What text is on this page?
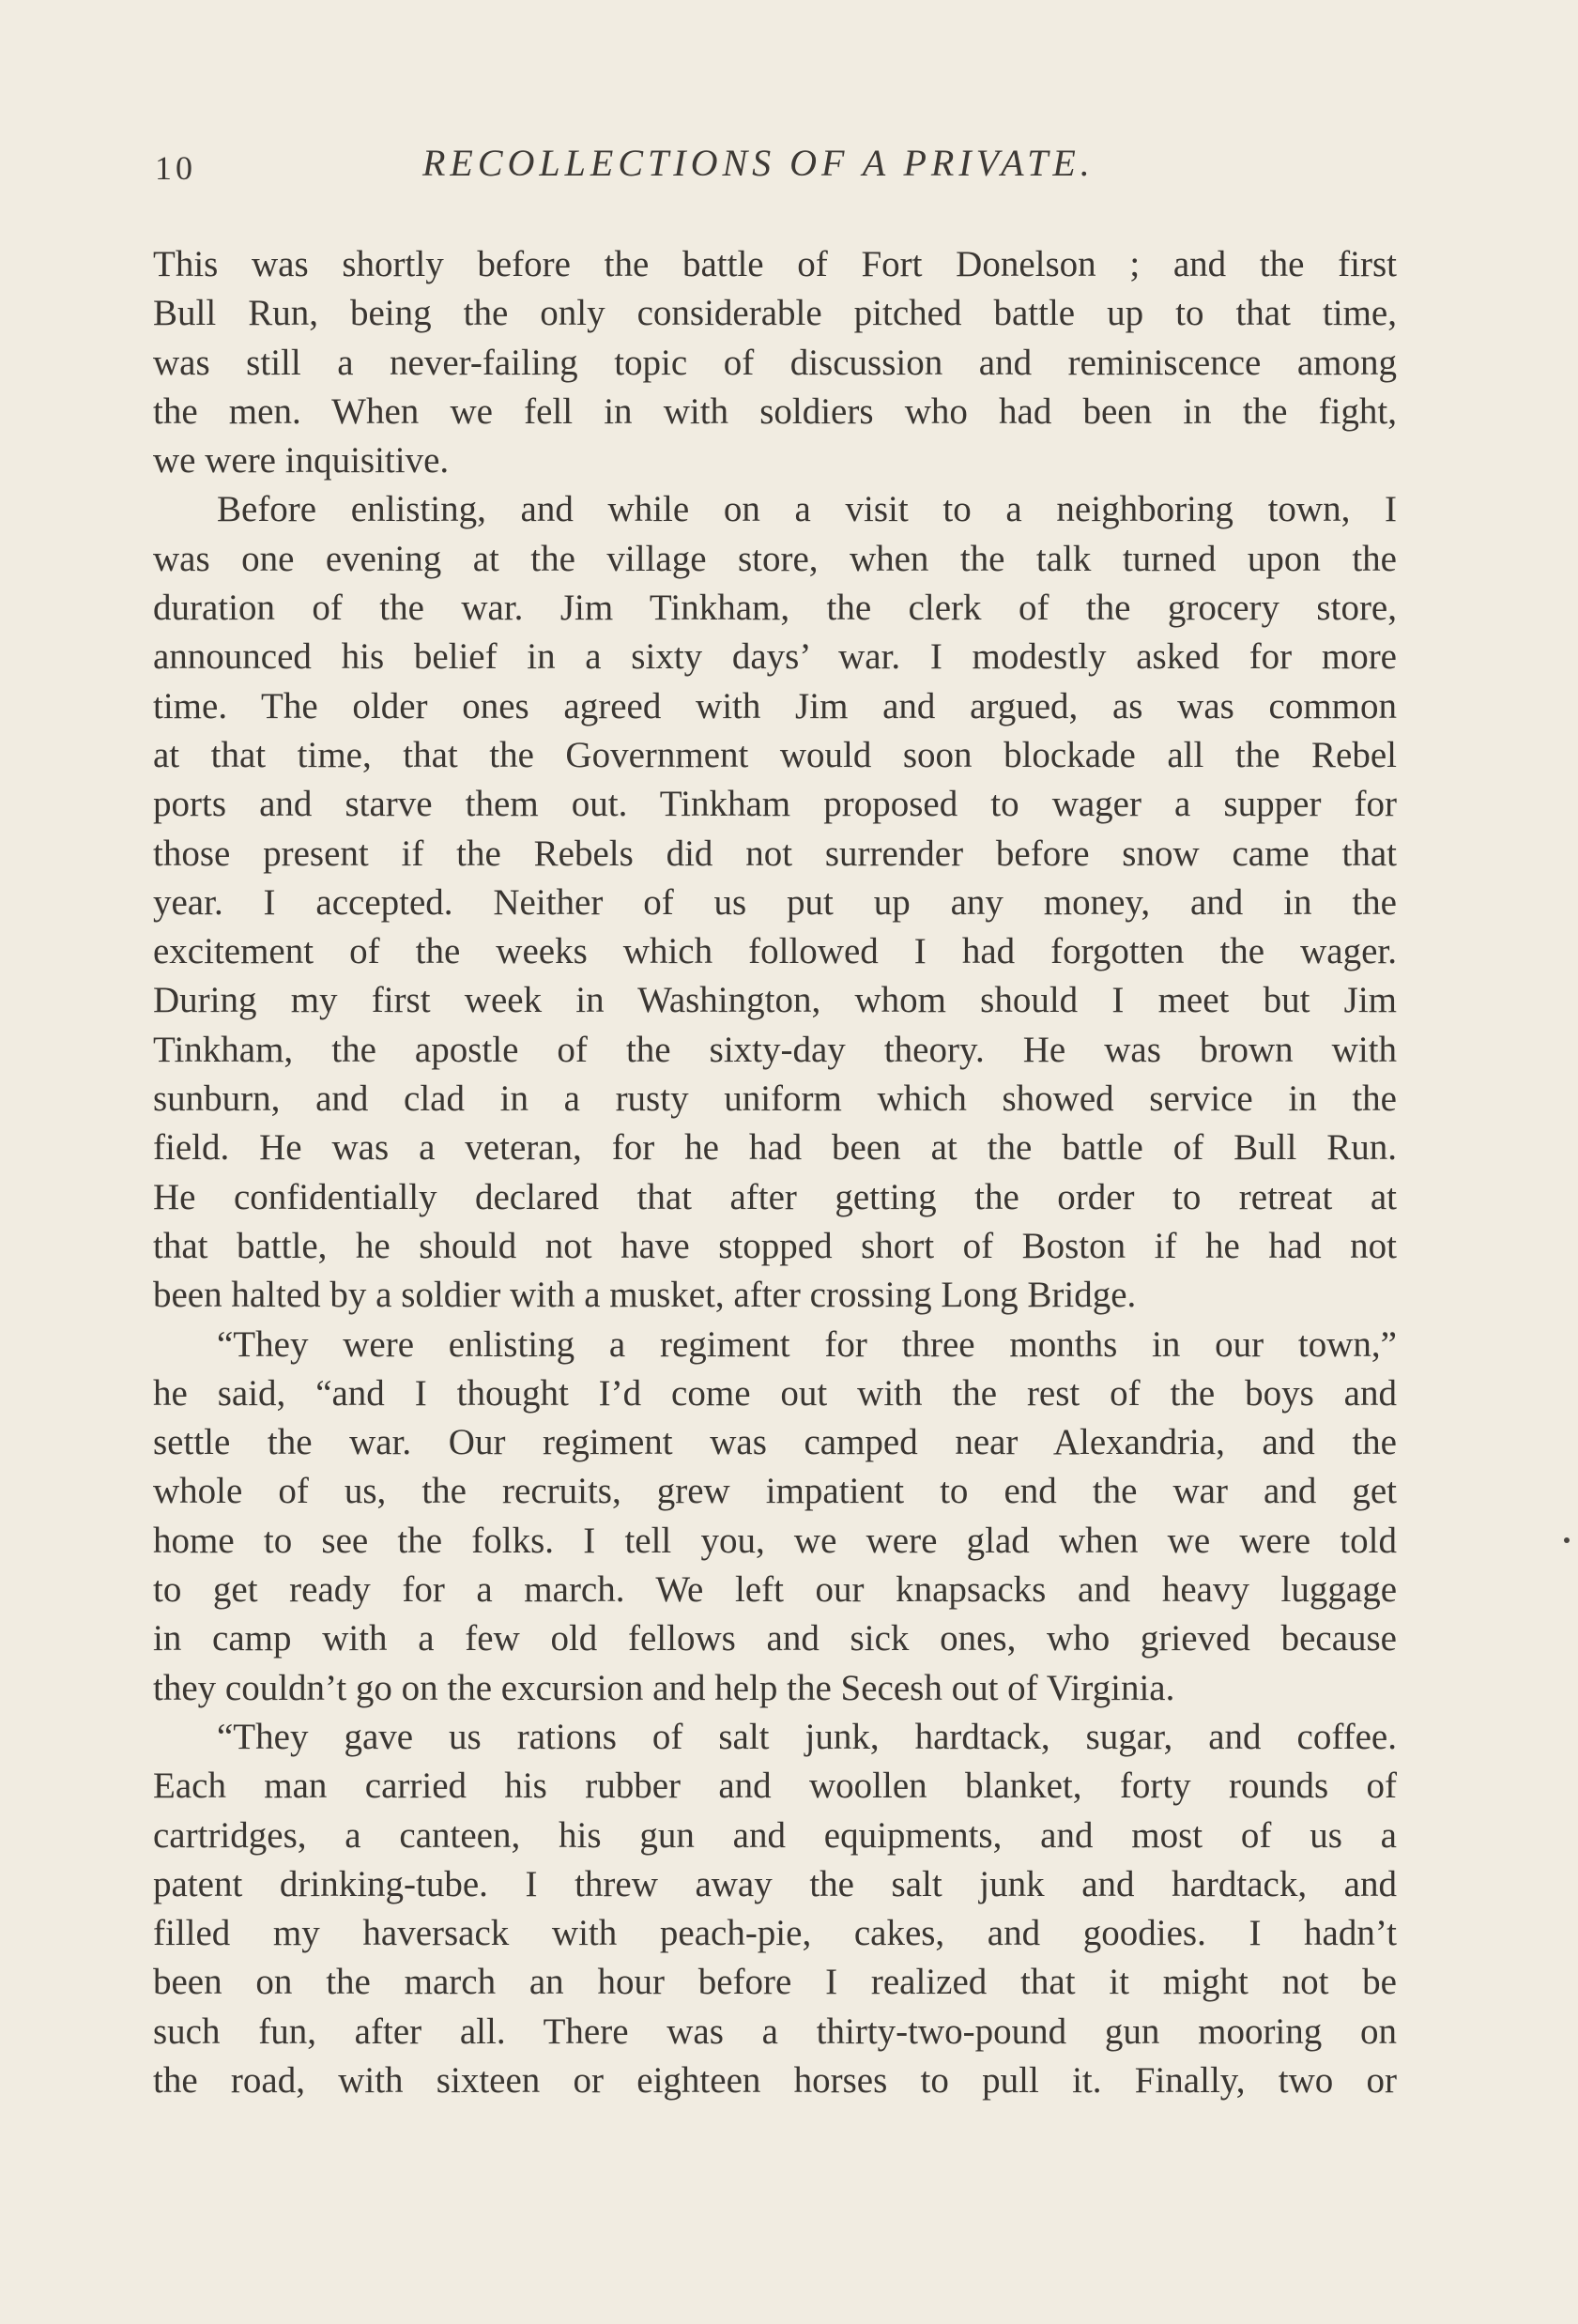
10	RECOLLECTIONS OF A PRIVATE.
This was shortly before the battle of Fort Donelson ; and the first
Bull Run, being the only considerable pitched battle up to that time,
was still a never-failing topic of discussion and reminiscence among
the men. When we fell in with soldiers who had been in the fight,
we were inquisitive.
Before enlisting, and while on a visit to a neighboring town, I
was one evening at the village store, when the talk turned upon the
duration of the war. Jim Tinkham, the clerk of the grocery store,
announced his belief in a sixty days’ war. I modestly asked for more
time. The older ones agreed with Jim and argued, as was common
at that time, that the Government would soon blockade all the Rebel
ports and starve them out. Tinkham proposed to wager a supper for
those present if the Rebels did not surrender before snow came that
year. I accepted. Neither of us put up any money, and in the
excitement of the weeks which followed I had forgotten the wager.
During my first week in Washington, whom should I meet but Jim
Tinkham, the apostle of the sixty-day theory. He was brown with
sunburn, and clad in a rusty uniform which showed service in the
field. He was a veteran, for he had been at the battle of Bull Run.
He confidentially declared that after getting the order to retreat at
that battle, he should not have stopped short of Boston if he had not
been halted by a soldier with a musket, after crossing Long Bridge.
“They were enlisting a regiment for three months in our town,”
he said, “and I thought I’d come out with the rest of the boys and
settle the war. Our regiment was camped near Alexandria, and the
whole of us, the recruits, grew impatient to end the war and get
home to see the folks. I tell you, we were glad when we were told
to get ready for a march. We left our knapsacks and heavy luggage
in camp with a few old fellows and sick ones, who grieved because
they couldn’t go on the excursion and help the Secesh out of Virginia.
“They gave us rations of salt junk, hardtack, sugar, and coffee.
Each man carried his rubber and woollen blanket, forty rounds of
cartridges, a canteen, his gun and equipments, and most of us a
patent drinking-tube. I threw away the salt junk and hardtack, and
filled my haversack with peach-pie, cakes, and goodies. I hadn’t
been on the march an hour before I realized that it might not be
such fun, after all. There was a thirty-two-pound gun mooring on
the road, with sixteen or eighteen horses to pull it. Finally, two or
